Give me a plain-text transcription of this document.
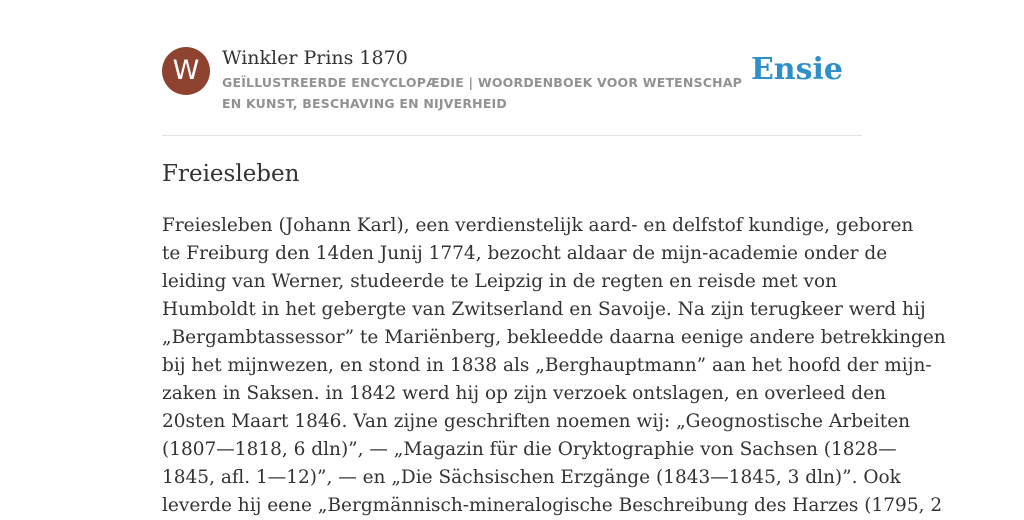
W	Winkler Prins 1870
GEÏLLUSTREERDE ENCYCLOPÆDIE | WOORDENBOEK VOOR WETENSCHAP EN KUNST, BESCHAVING EN NIJVERHEID
Ensie
Freiesleben

Freiesleben (Johann Karl), een verdienstelijk aard- en delfstof kundige, geboren

te Freiburg den 14den Junij 1774, bezocht aldaar de mijn-academie onder de

leiding van Werner, studeerde te Leipzig in de regten en reisde met von

Humboldt in het gebergte van Zwitserland en Savoije. Na zijn terugkeer werd hij

„Bergambtassessor” te Mariënberg, bekleedde daarna eenige andere betrekkingen

bij het mijnwezen, en stond in 1838 als „Berghauptmann” aan het hoofd der mijn-

zaken in Saksen. in 1842 werd hij op zijn verzoek ontslagen, en overleed den

20sten Maart 1846. Van zijne geschriften noemen wij: „Geognostische Arbeiten

(1807—1818, 6 dln)”, — „Magazin für die Oryktographie von Sachsen (1828—

1845, afl. 1—12)”, — en „Die Sächsischen Erzgänge (1843—1845, 3 dln)”. Ook

leverde hij eene „Bergmännisch-mineralogische Beschreibung des Harzes (1795, 2
